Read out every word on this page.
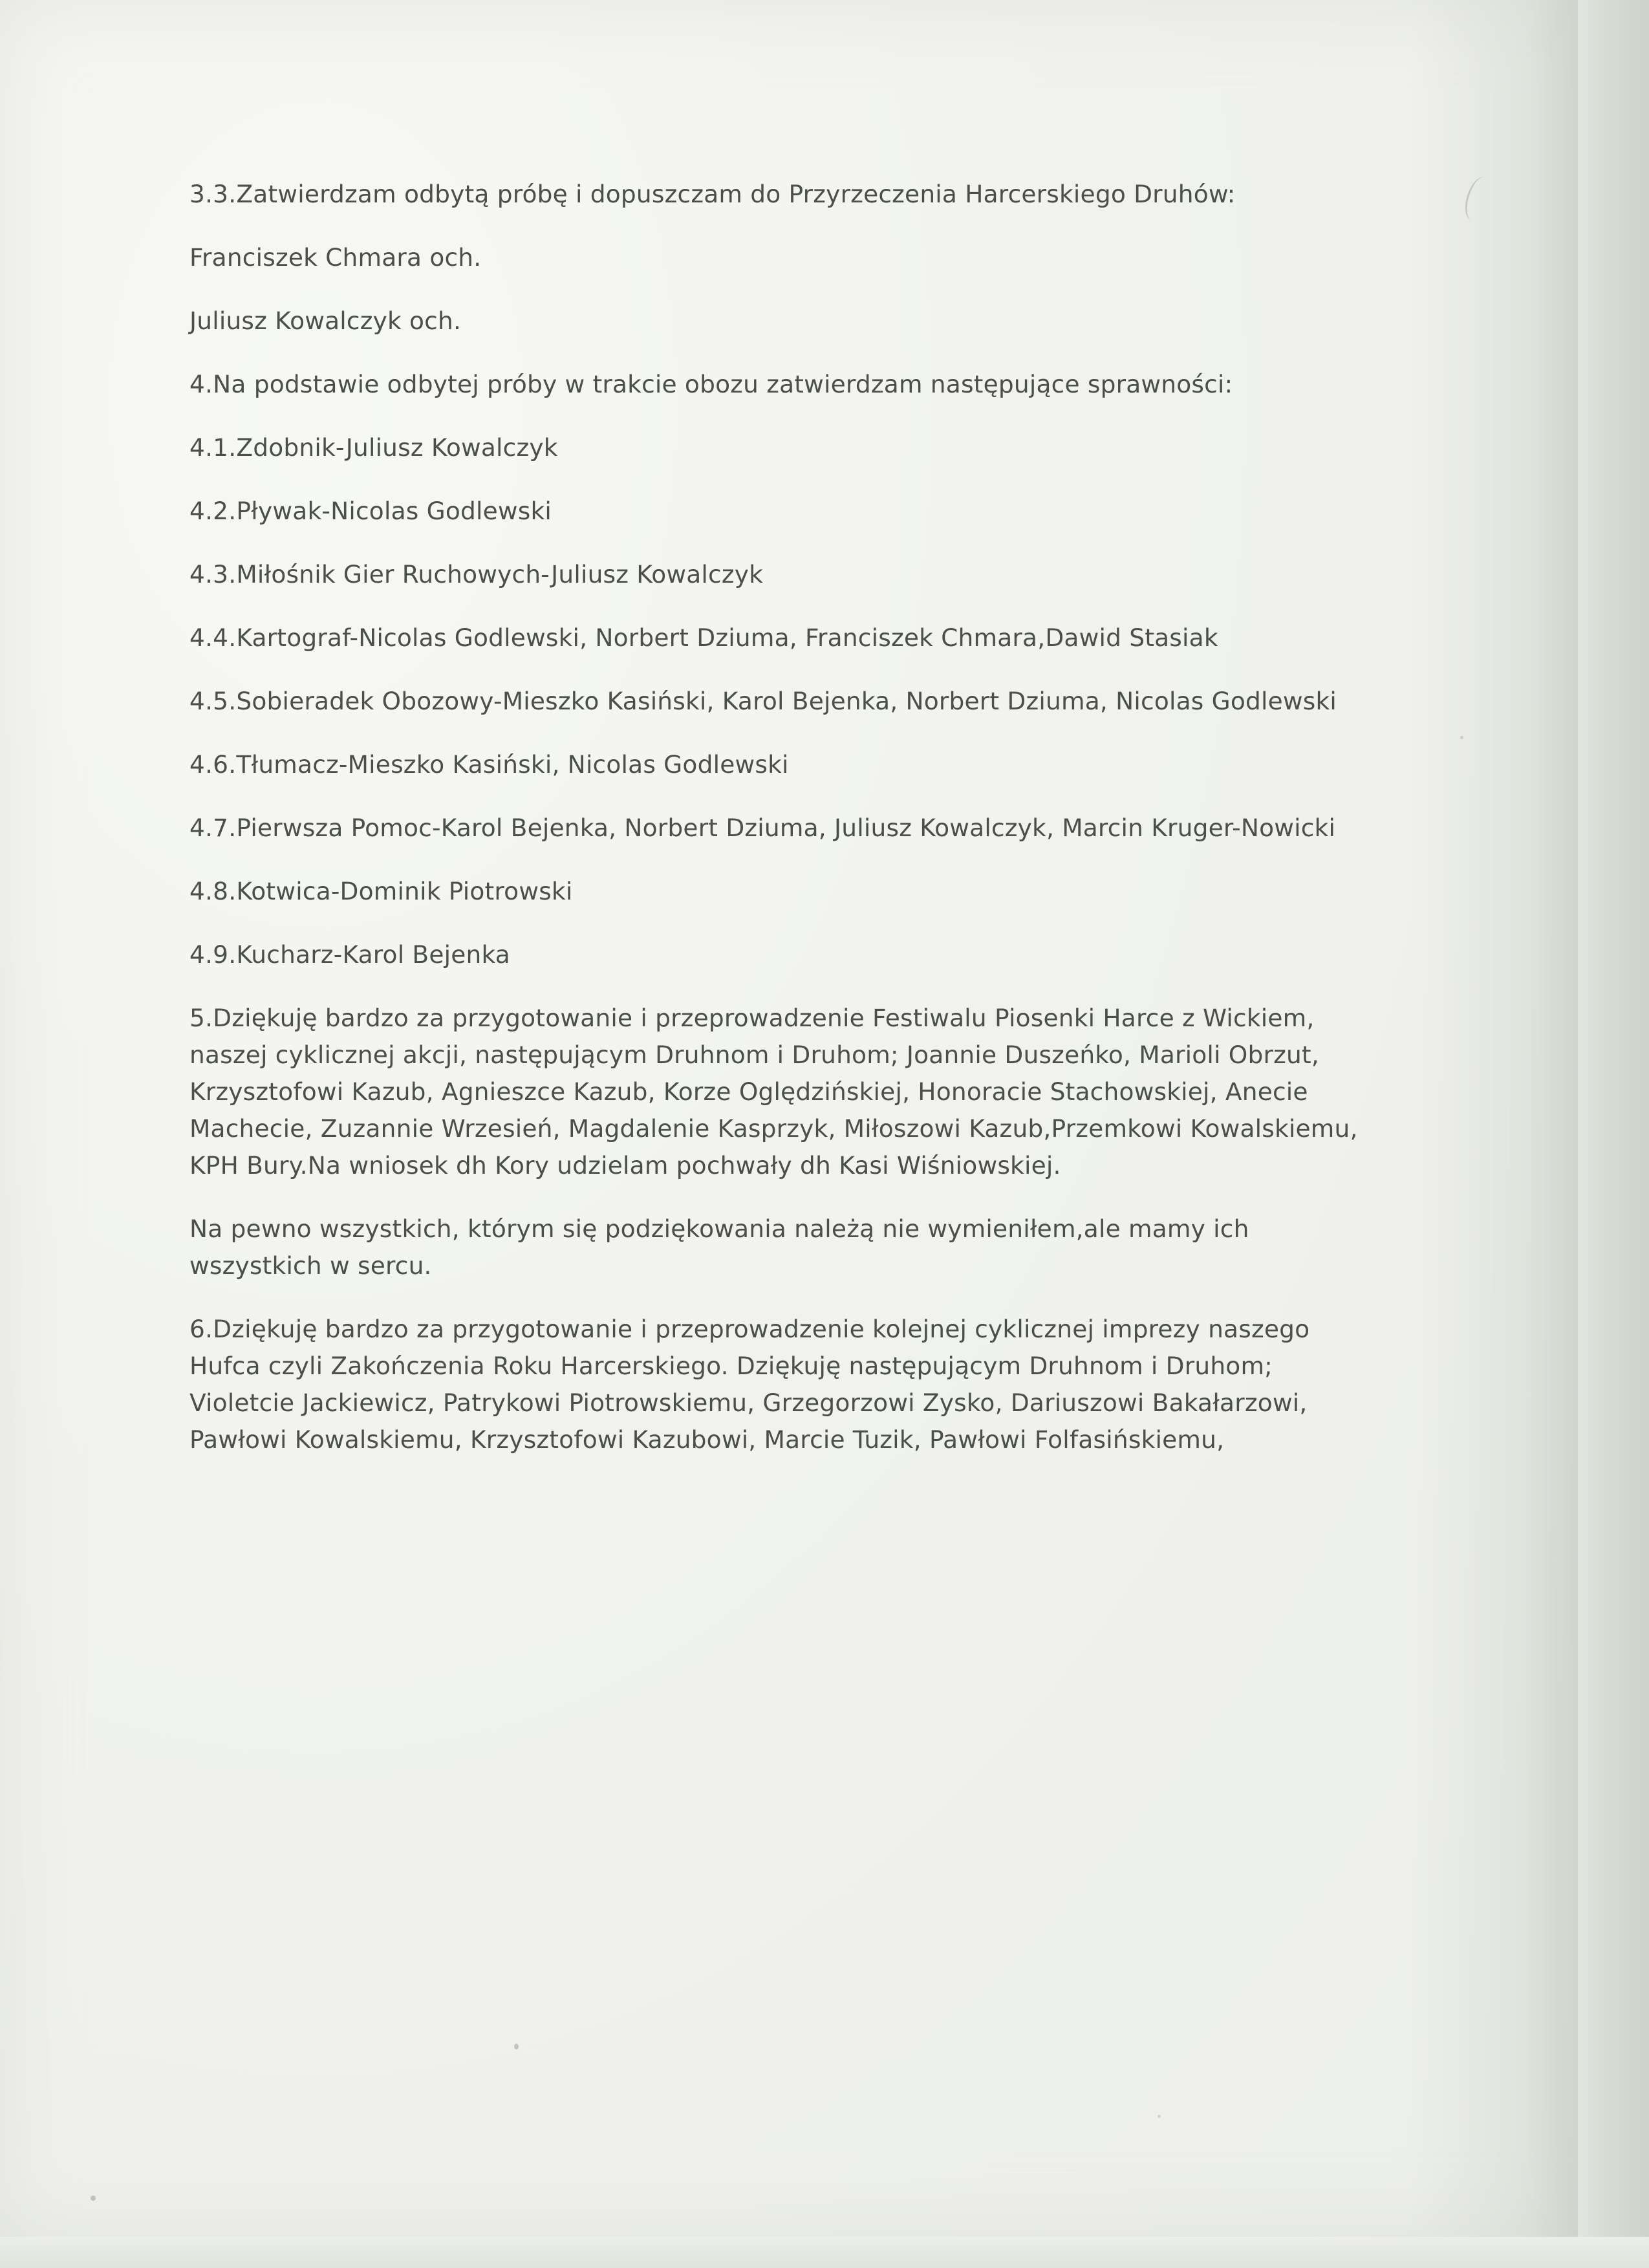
3.3.Zatwierdzam odbytą próbę i dopuszczam do Przyrzeczenia Harcerskiego Druhów:

Franciszek Chmara och.

Juliusz Kowalczyk och.

4.Na podstawie odbytej próby w trakcie obozu zatwierdzam następujące sprawności:

4.1.Zdobnik-Juliusz Kowalczyk

4.2.Pływak-Nicolas Godlewski

4.3.Miłośnik Gier Ruchowych-Juliusz Kowalczyk

4.4.Kartograf-Nicolas Godlewski, Norbert Dziuma, Franciszek Chmara,Dawid Stasiak

4.5.Sobieradek Obozowy-Mieszko Kasiński, Karol Bejenka, Norbert Dziuma, Nicolas Godlewski

4.6.Tłumacz-Mieszko Kasiński, Nicolas Godlewski

4.7.Pierwsza Pomoc-Karol Bejenka, Norbert Dziuma, Juliusz Kowalczyk, Marcin Kruger-Nowicki

4.8.Kotwica-Dominik Piotrowski

4.9.Kucharz-Karol Bejenka

5.Dziękuję bardzo za przygotowanie i przeprowadzenie Festiwalu Piosenki Harce z Wickiem, naszej cyklicznej akcji, następującym Druhnom i Druhom; Joannie Duszeńko, Marioli Obrzut, Krzysztofowi Kazub, Agnieszce Kazub, Korze Oględzińskiej, Honoracie Stachowskiej, Anecie Machecie, Zuzannie Wrzesień, Magdalenie Kasprzyk, Miłoszowi Kazub,Przemkowi Kowalskiemu, KPH Bury.Na wniosek dh Kory udzielam pochwały dh Kasi Wiśniowskiej.

Na pewno wszystkich, którym się podziękowania należą nie wymieniłem,ale mamy ich wszystkich w sercu.

6.Dziękuję bardzo za przygotowanie i przeprowadzenie kolejnej cyklicznej imprezy naszego Hufca czyli Zakończenia Roku Harcerskiego. Dziękuję następującym Druhnom i Druhom; Violetcie Jackiewicz, Patrykowi Piotrowskiemu, Grzegorzowi Zysko, Dariuszowi Bakałarzowi, Pawłowi Kowalskiemu, Krzysztofowi Kazubowi, Marcie Tuzik, Pawłowi Folfasińskiemu,
